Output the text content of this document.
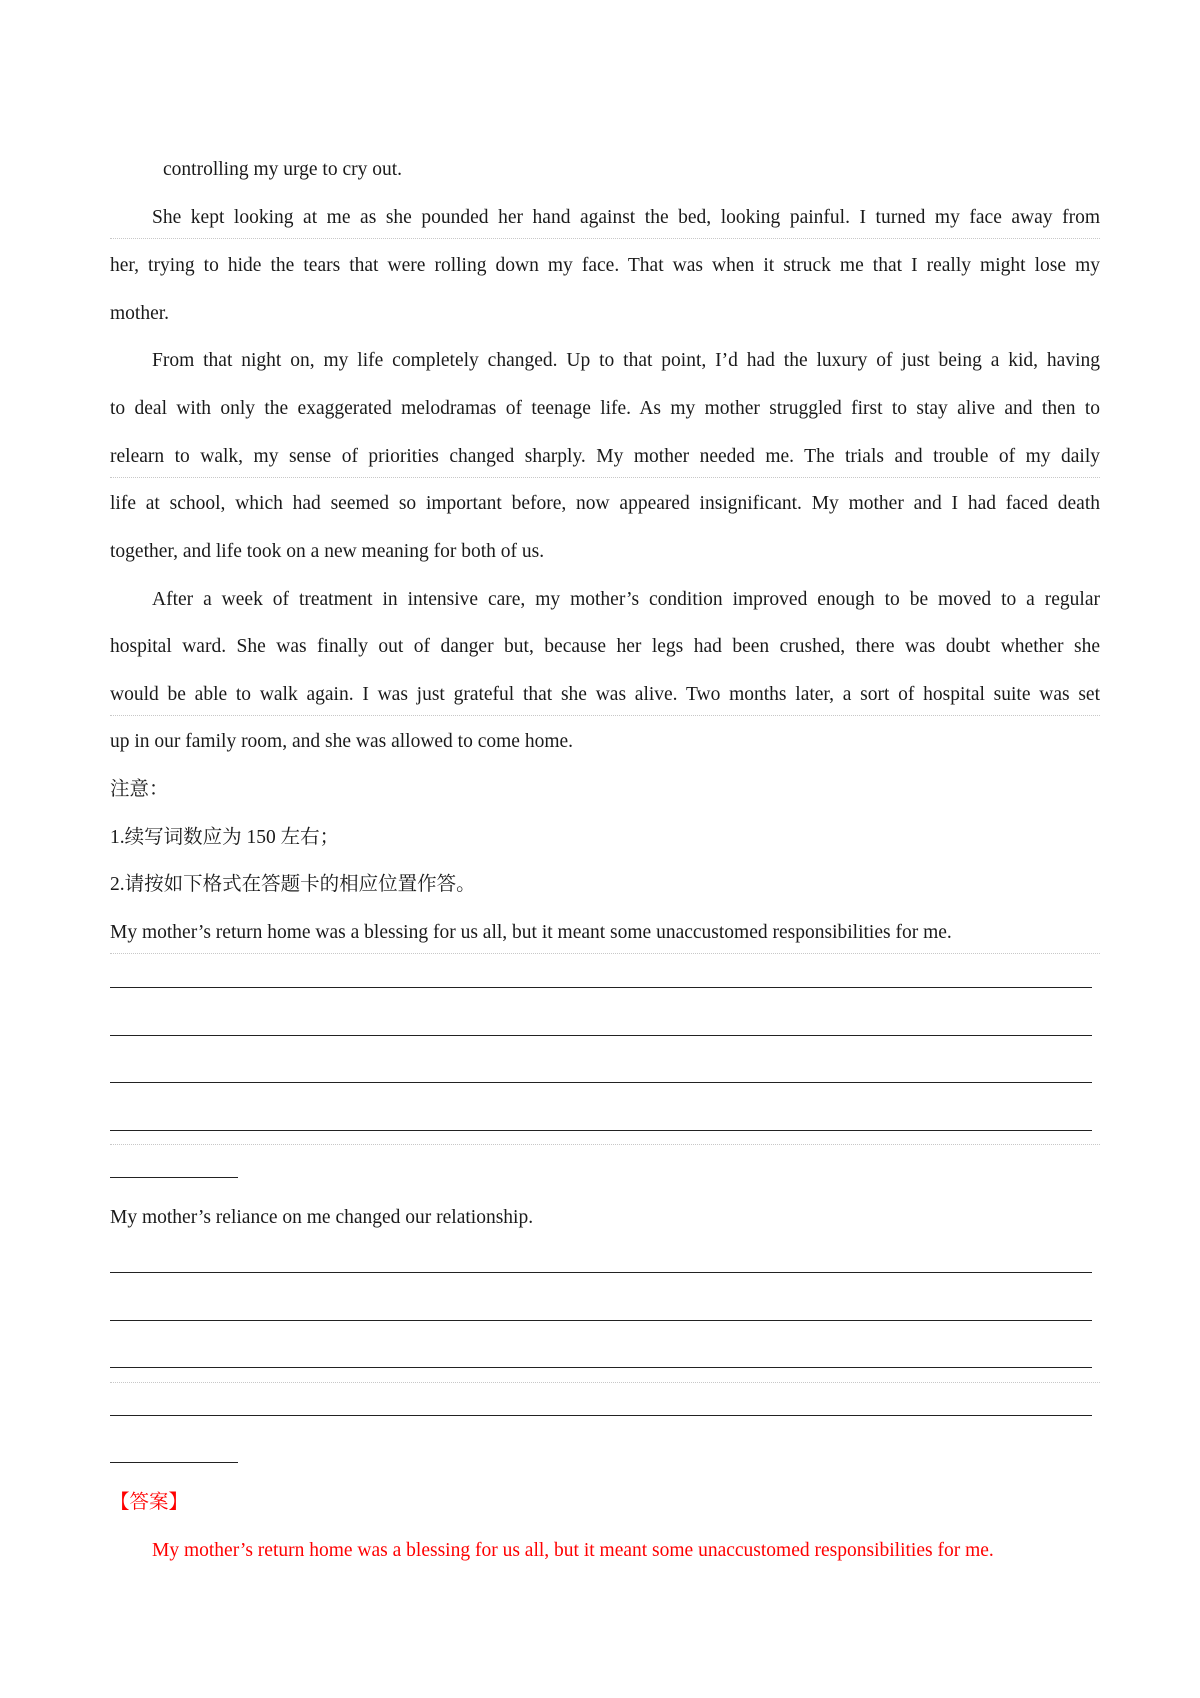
controlling my urge to cry out.
She kept looking at me as she pounded her hand against the bed, looking painful. I turned my face away from
her, trying to hide the tears that were rolling down my face. That was when it struck me that I really might lose my
mother.
From that night on, my life completely changed. Up to that point, I’d had the luxury of just being a kid, having
to deal with only the exaggerated melodramas of teenage life. As my mother struggled first to stay alive and then to
relearn to walk, my sense of priorities changed sharply. My mother needed me. The trials and trouble of my daily
life at school, which had seemed so important before, now appeared insignificant. My mother and I had faced death
together, and life took on a new meaning for both of us.
After a week of treatment in intensive care, my mother’s condition improved enough to be moved to a regular
hospital ward. She was finally out of danger but, because her legs had been crushed, there was doubt whether she
would be able to walk again. I was just grateful that she was alive. Two months later, a sort of hospital suite was set
up in our family room, and she was allowed to come home.
注意：
1.续写词数应为 150 左右；
2.请按如下格式在答题卡的相应位置作答。
My mother’s return home was a blessing for us all, but it meant some unaccustomed responsibilities for me.
My mother’s reliance on me changed our relationship.
【答案】
My mother’s return home was a blessing for us all, but it meant some unaccustomed responsibilities for me.
